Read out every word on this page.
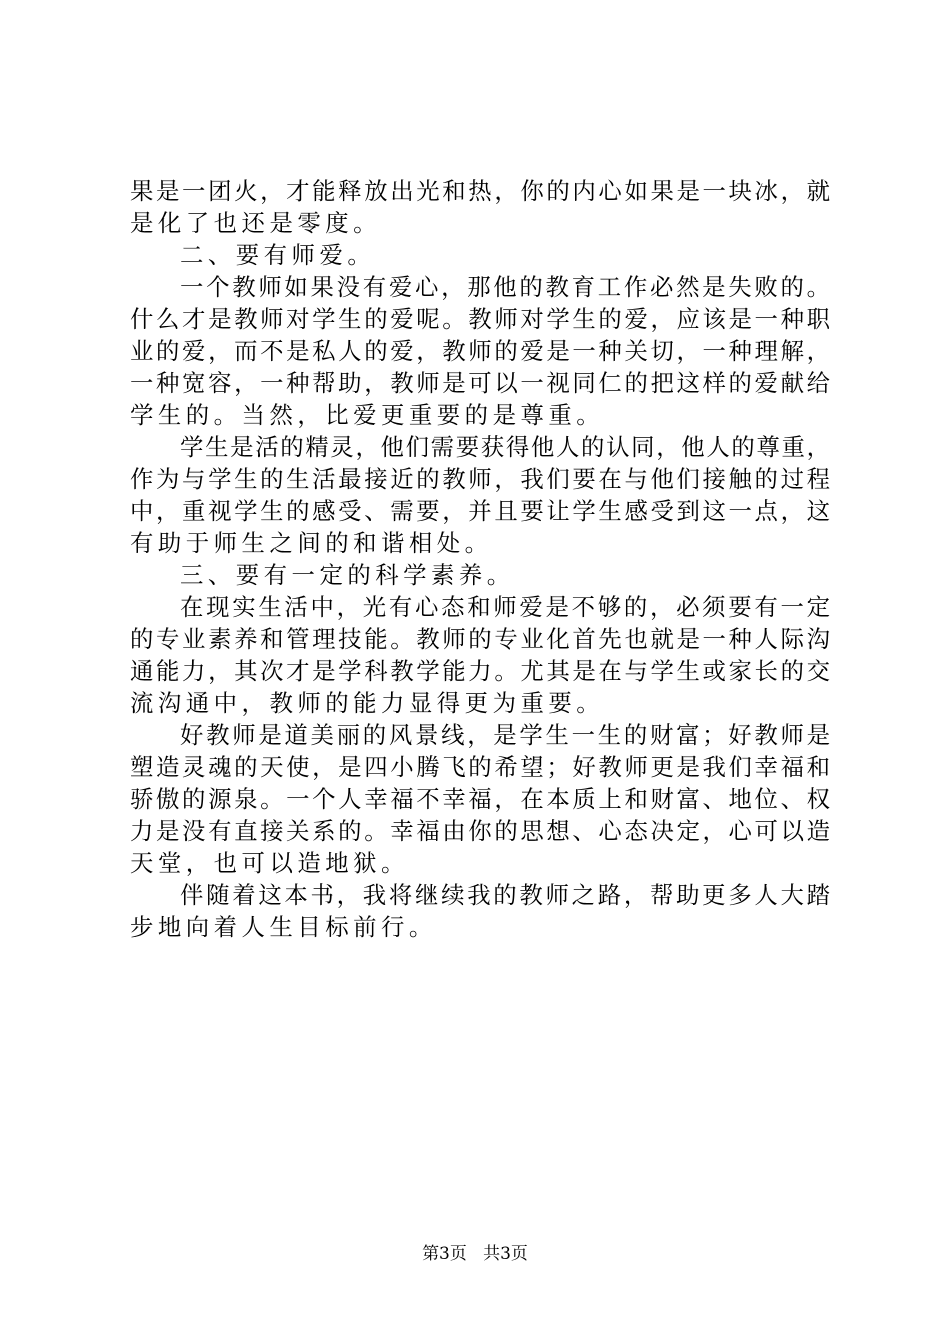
果是一团火，才能释放出光和热，你的内心如果是一块冰，就
是化了也还是零度。
二、要有师爱。
一个教师如果没有爱心，那他的教育工作必然是失败的。
什么才是教师对学生的爱呢。教师对学生的爱，应该是一种职
业的爱，而不是私人的爱，教师的爱是一种关切，一种理解，
一种宽容，一种帮助，教师是可以一视同仁的把这样的爱献给
学生的。当然，比爱更重要的是尊重。
学生是活的精灵，他们需要获得他人的认同，他人的尊重，
作为与学生的生活最接近的教师，我们要在与他们接触的过程
中，重视学生的感受、需要，并且要让学生感受到这一点，这
有助于师生之间的和谐相处。
三、要有一定的科学素养。
在现实生活中，光有心态和师爱是不够的，必须要有一定
的专业素养和管理技能。教师的专业化首先也就是一种人际沟
通能力，其次才是学科教学能力。尤其是在与学生或家长的交
流沟通中，教师的能力显得更为重要。
好教师是道美丽的风景线，是学生一生的财富；好教师是
塑造灵魂的天使，是四小腾飞的希望；好教师更是我们幸福和
骄傲的源泉。一个人幸福不幸福，在本质上和财富、地位、权
力是没有直接关系的。幸福由你的思想、心态决定，心可以造
天堂，也可以造地狱。
伴随着这本书，我将继续我的教师之路，帮助更多人大踏
步地向着人生目标前行。
第3页 共3页
